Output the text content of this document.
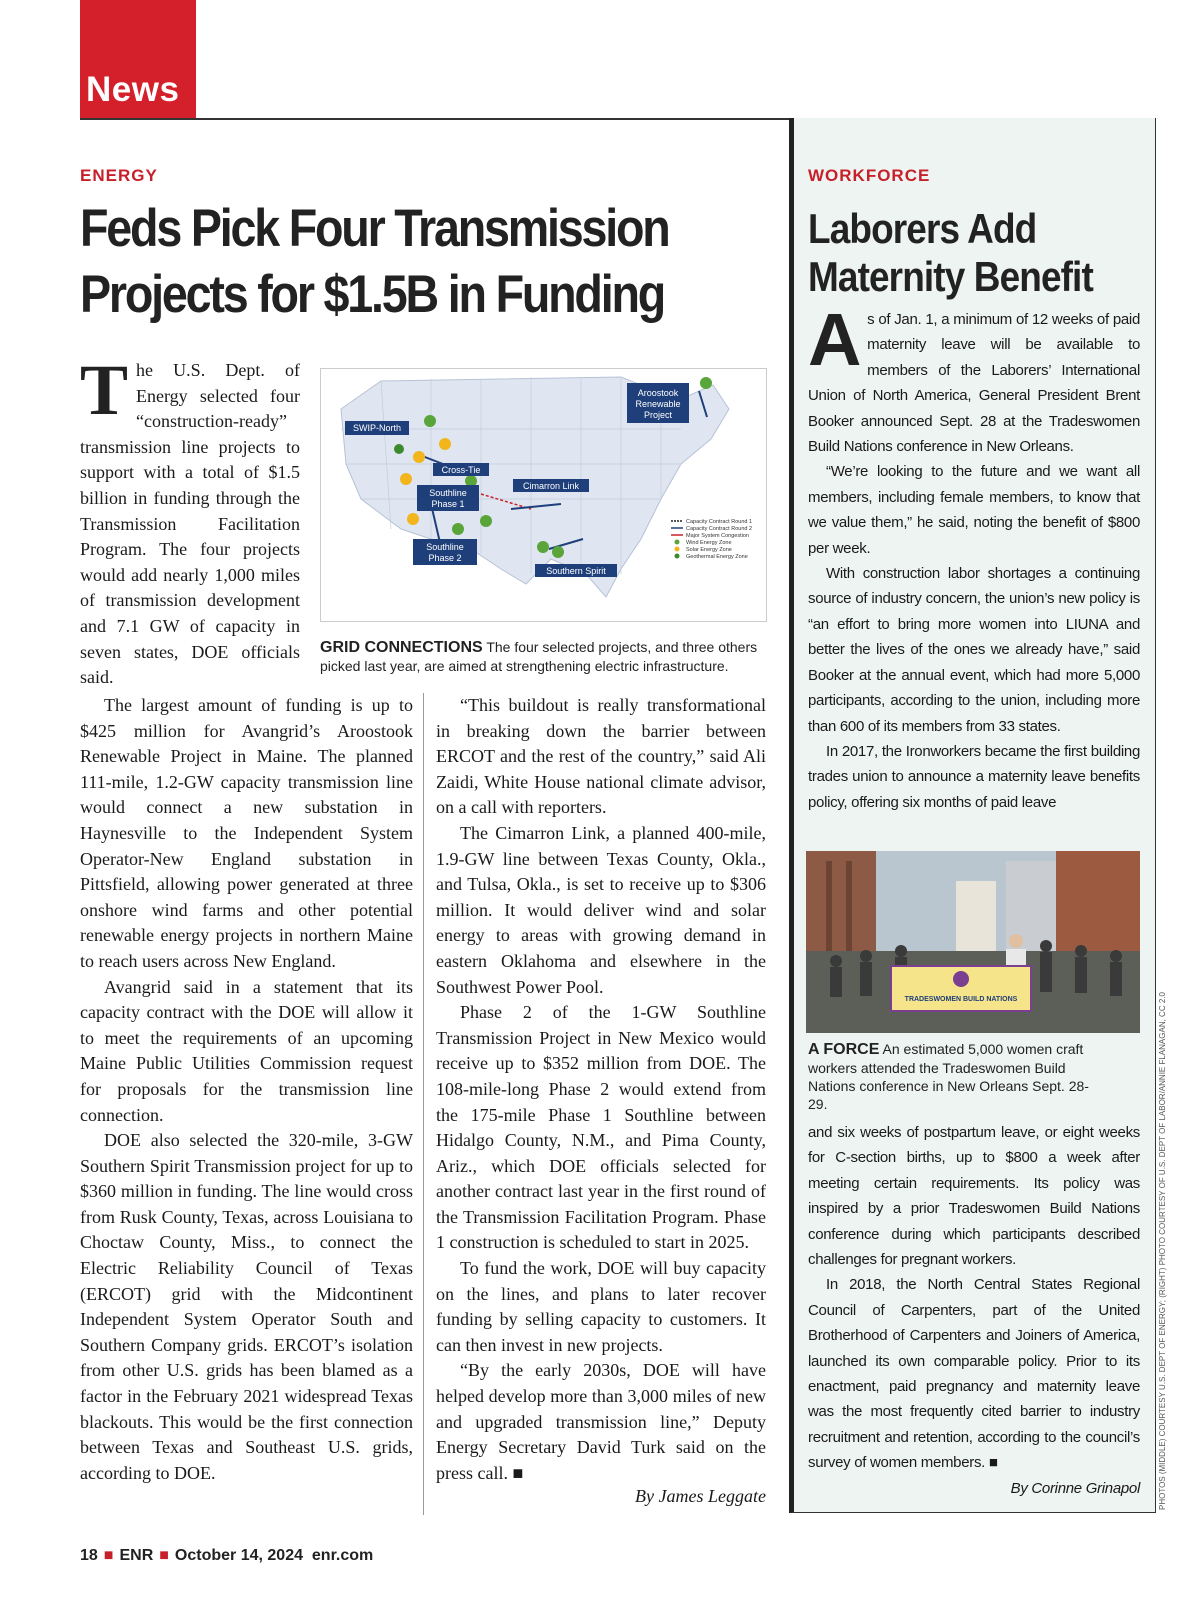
News
ENERGY
Feds Pick Four Transmission
Projects for $1.5B in Funding

The U.S. Dept. of Energy selected four “construction-ready” transmission line projects to support with a total of $1.5 billion in funding through the Transmission Facilitation Program. The four projects would add nearly 1,000 miles of transmission development and 7.1 GW of capacity in seven states, DOE officials said.

Aroostook Renewable Project
SWIP-North
Cross-Tie
Southline Phase 1
Cimarron Link
Southline Phase 2
Southern Spirit
Capacity Contract Round 1
Capacity Contract Round 2
Major System Congestion
Wind Energy Zone
Solar Energy Zone
Geothermal Energy Zone
GRID CONNECTIONS The four selected projects, and three others picked last year, are aimed at strengthening electric infrastructure.

The largest amount of funding is up to $425 million for Avangrid’s Aroostook Renewable Project in Maine. The planned 111-mile, 1.2-GW capacity transmission line would connect a new substation in Haynesville to the Independent System Operator-New England substation in Pittsfield, allowing power generated at three onshore wind farms and other potential renewable energy projects in northern Maine to reach users across New England.

Avangrid said in a statement that its capacity contract with the DOE will allow it to meet the requirements of an upcoming Maine Public Utilities Commission request for proposals for the transmission line connection.

DOE also selected the 320-mile, 3-GW Southern Spirit Transmission project for up to $360 million in funding. The line would cross from Rusk County, Texas, across Louisiana to Choctaw County, Miss., to connect the Electric Reliability Council of Texas (ERCOT) grid with the Midcontinent Independent System Operator South and Southern Company grids. ERCOT’s isolation from other U.S. grids has been blamed as a factor in the February 2021 widespread Texas blackouts. This would be the first connection between Texas and Southeast U.S. grids, according to DOE.

“This buildout is really transformational in breaking down the barrier between ERCOT and the rest of the country,” said Ali Zaidi, White House national climate advisor, on a call with reporters.

The Cimarron Link, a planned 400-mile, 1.9-GW line between Texas County, Okla., and Tulsa, Okla., is set to receive up to $306 million. It would deliver wind and solar energy to areas with growing demand in eastern Oklahoma and elsewhere in the Southwest Power Pool.

Phase 2 of the 1-GW Southline Transmission Project in New Mexico would receive up to $352 million from DOE. The 108-mile-long Phase 2 would extend from the 175-mile Phase 1 Southline between Hidalgo County, N.M., and Pima County, Ariz., which DOE officials selected for another contract last year in the first round of the Transmission Facilitation Program. Phase 1 construction is scheduled to start in 2025.

To fund the work, DOE will buy capacity on the lines, and plans to later recover funding by selling capacity to customers. It can then invest in new projects.

“By the early 2030s, DOE will have helped develop more than 3,000 miles of new and upgraded transmission line,” Deputy Energy Secretary David Turk said on the press call. ■

By James Leggate
WORKFORCE
Laborers Add
Maternity Benefit

As of Jan. 1, a minimum of 12 weeks of paid maternity leave will be available to members of the Laborers’ International Union of North America, General President Brent Booker announced Sept. 28 at the Tradeswomen Build Nations conference in New Orleans.

“We’re looking to the future and we want all members, including female members, to know that we value them,” he said, noting the benefit of $800 per week.

With construction labor shortages a continuing source of industry concern, the union’s new policy is “an effort to bring more women into LIUNA and better the lives of the ones we already have,” said Booker at the annual event, which had more 5,000 participants, according to the union, including more than 600 of its members from 33 states.

In 2017, the Ironworkers became the first building trades union to announce a maternity leave benefits policy, offering six months of paid leave

TRADESWOMEN BUILD NATIONS
A FORCE An estimated 5,000 women craft workers attended the Tradeswomen Build Nations conference in New Orleans Sept. 28-29.

and six weeks of postpartum leave, or eight weeks for C-section births, up to $800 a week after meeting certain requirements. Its policy was inspired by a prior Tradeswomen Build Nations conference during which participants described challenges for pregnant workers.

In 2018, the North Central States Regional Council of Carpenters, part of the United Brotherhood of Carpenters and Joiners of America, launched its own comparable policy. Prior to its enactment, paid pregnancy and maternity leave was the most frequently cited barrier to industry recruitment and retention, according to the council’s survey of women members. ■

By Corinne Grinapol PHOTOS (MIDDLE) COURTESY U.S. DEPT OF ENERGY; (RIGHT) PHOTO COURTESY OF U.S. DEPT OF LABOR/ANNIE FLANAGAN, CC 2.0
18 ■ ENR ■ October 14, 2024 enr.com
